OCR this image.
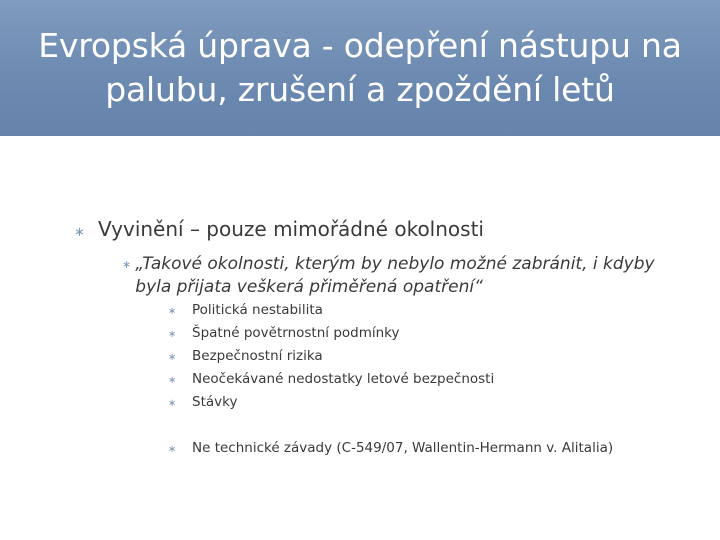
Evropská úprava - odepření nástupu na palubu, zrušení a zpoždění letů
∗ Vyvinění – pouze mimořádné okolnosti
∗ „Takové okolnosti, kterým by nebylo možné zabránit, i kdyby byla přijata veškerá přiměřená opatření“
∗	Politická nestabilita
∗	Špatné povětrnostní podmínky
∗	Bezpečnostní rizika
∗	Neočekávané nedostatky letové bezpečnosti
∗	Stávky
∗	Ne technické závady (C-549/07, Wallentin-Hermann v. Alitalia)
